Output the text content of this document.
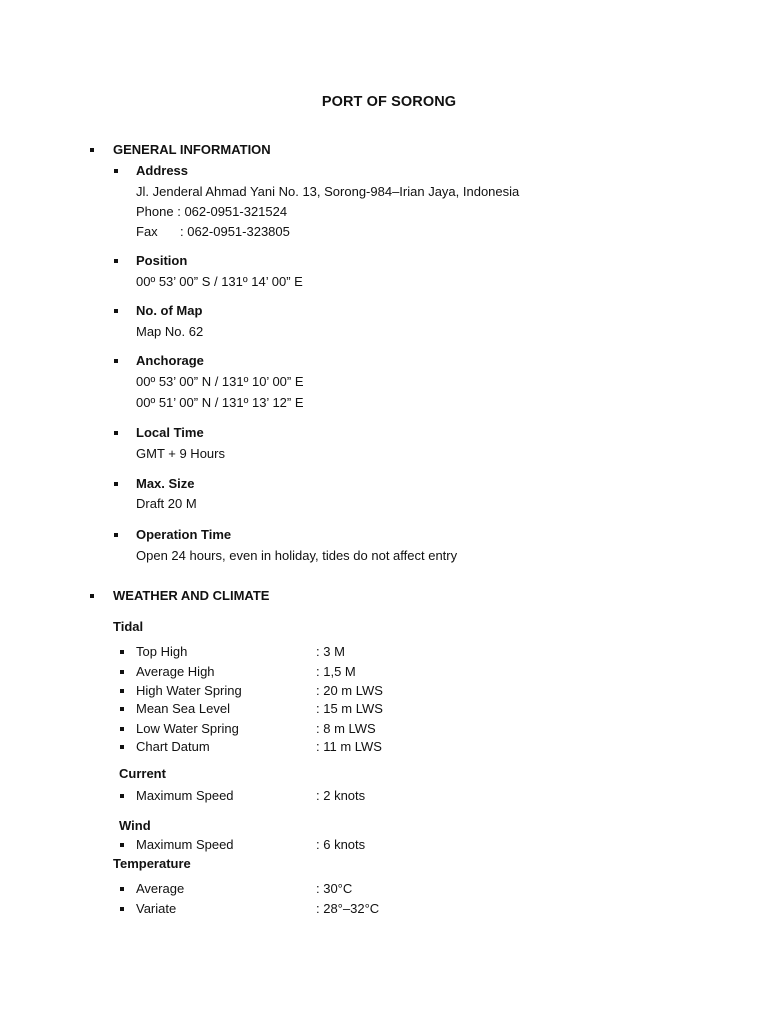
PORT OF SORONG
GENERAL INFORMATION
Address
Jl. Jenderal Ahmad Yani No. 13, Sorong-984–Irian Jaya, Indonesia
Phone : 062-0951-321524
Fax : 062-0951-323805
Position
00º 53’ 00” S / 131º 14’ 00” E
No. of Map
Map No. 62
Anchorage
00º 53’ 00” N / 131º 10’ 00” E
00º 51’ 00” N / 131º 13’ 12” E
Local Time
GMT + 9 Hours
Max. Size
Draft 20 M
Operation Time
Open 24 hours, even in holiday, tides do not affect entry
WEATHER AND CLIMATE
Tidal
Top High	: 3 M
Average High	: 1,5 M
High Water Spring	: 20 m LWS
Mean Sea Level	: 15 m LWS
Low Water Spring	: 8 m LWS
Chart Datum	: 11 m LWS
Current
Maximum Speed	: 2 knots
Wind
Maximum Speed	: 6 knots
Temperature
Average	: 30°C
Variate	: 28°–32°C
